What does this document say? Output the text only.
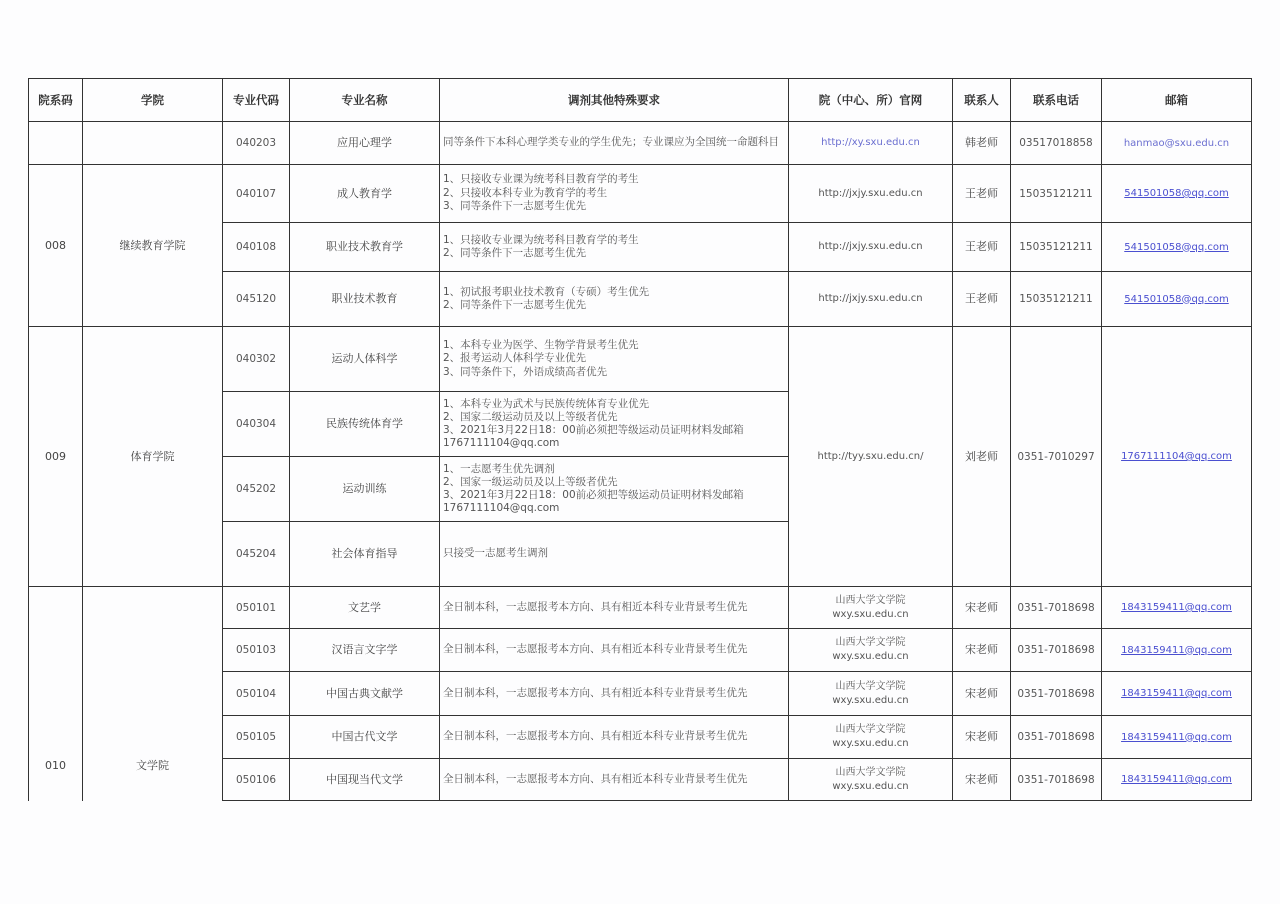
院系码	学院	专业代码	专业名称	调剂其他特殊要求	院（中心、所）官网	联系人	联系电话	邮箱
		040203	应用心理学	同等条件下本科心理学类专业的学生优先；专业课应为全国统一命题科目	http://xy.sxu.edu.cn	韩老师	03517018858	hanmao@sxu.edu.cn
008	继续教育学院	040107	成人教育学	1、只接收专业课为统考科目教育学的考生
2、只接收本科专业为教育学的考生
3、同等条件下一志愿考生优先	http://jxjy.sxu.edu.cn	王老师	15035121211	541501058@qq.com
		040108	职业技术教育学	1、只接收专业课为统考科目教育学的考生
2、同等条件下一志愿考生优先	http://jxjy.sxu.edu.cn	王老师	15035121211	541501058@qq.com
		045120	职业技术教育	1、初试报考职业技术教育（专硕）考生优先
2、同等条件下一志愿考生优先	http://jxjy.sxu.edu.cn	王老师	15035121211	541501058@qq.com
009	体育学院	040302	运动人体科学	1、本科专业为医学、生物学背景考生优先
2、报考运动人体科学专业优先
3、同等条件下，外语成绩高者优先	http://tyy.sxu.edu.cn/	刘老师	0351-7010297	1767111104@qq.com
		040304	民族传统体育学	1、本科专业为武术与民族传统体育专业优先
2、国家二级运动员及以上等级者优先
3、2021年3月22日18：00前必须把等级运动员证明材料发邮箱1767111104@qq.com				
		045202	运动训练	1、一志愿考生优先调剂
2、国家一级运动员及以上等级者优先
3、2021年3月22日18：00前必须把等级运动员证明材料发邮箱1767111104@qq.com				
		045204	社会体育指导	只接受一志愿考生调剂				
010	文学院	050101	文艺学	全日制本科，一志愿报考本方向、具有相近本科专业背景考生优先	山西大学文学院
wxy.sxu.edu.cn	宋老师	0351-7018698	1843159411@qq.com
		050103	汉语言文字学	全日制本科，一志愿报考本方向、具有相近本科专业背景考生优先	山西大学文学院
wxy.sxu.edu.cn	宋老师	0351-7018698	1843159411@qq.com
		050104	中国古典文献学	全日制本科，一志愿报考本方向、具有相近本科专业背景考生优先	山西大学文学院
wxy.sxu.edu.cn	宋老师	0351-7018698	1843159411@qq.com
		050105	中国古代文学	全日制本科，一志愿报考本方向、具有相近本科专业背景考生优先	山西大学文学院
wxy.sxu.edu.cn	宋老师	0351-7018698	1843159411@qq.com
		050106	中国现当代文学	全日制本科，一志愿报考本方向、具有相近本科专业背景考生优先	山西大学文学院
wxy.sxu.edu.cn	宋老师	0351-7018698	1843159411@qq.com
